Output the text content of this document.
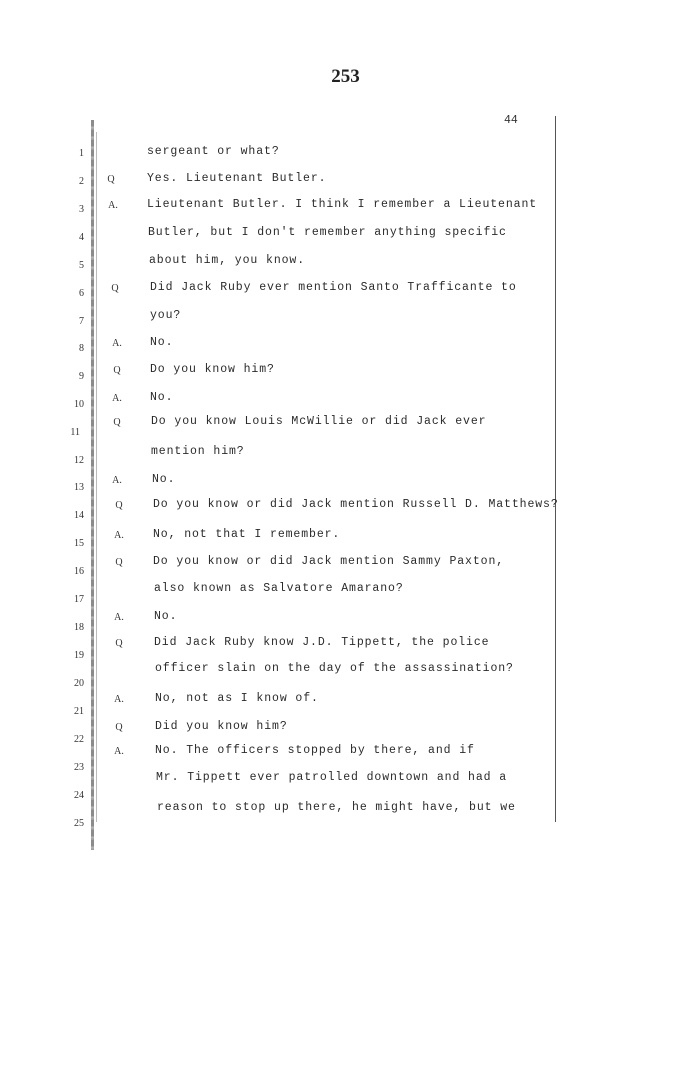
253
44
1
2
3
4
5
6
7
8
9
10
11
12
13
14
15
16
17
18
19
20
21
22
23
24
25
sergeant or what?
Q	Yes. Lieutenant Butler.
A.	Lieutenant Butler. I think I remember a Lieutenant
Butler, but I don't remember anything specific
about him, you know.
Q	Did Jack Ruby ever mention Santo Trafficante to
you?
A. No.
Q	Do you know him?
A. No.
Q	Do you know Louis McWillie or did Jack ever
mention him?
A.	No.
Q	Do you know or did Jack mention Russell D. Matthews?
A.	No, not that I remember.
Q	Do you know or did Jack mention Sammy Paxton,
also known as Salvatore Amarano?
A.	No.
Q	Did Jack Ruby know J.D. Tippett, the police
officer slain on the day of the assassination?
A.	No, not as I know of.
Q	Did you know him?
A.	No. The officers stopped by there, and if
Mr. Tippett ever patrolled downtown and had a
reason to stop up there, he might have, but we
